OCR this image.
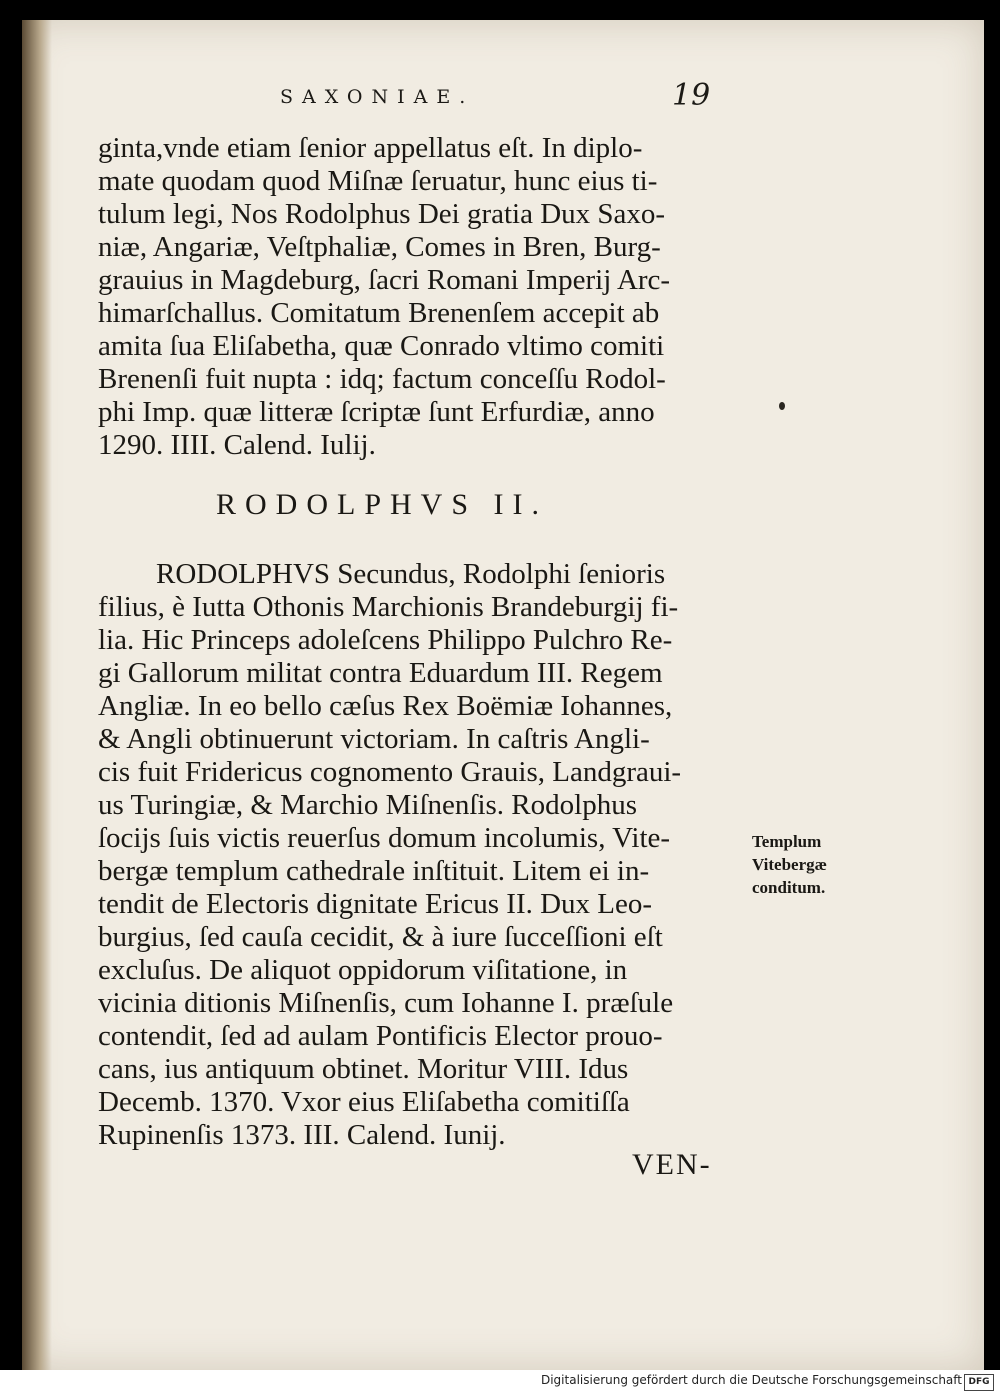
SAXONIAE.	19
ginta,vnde etiam ſenior appellatus eſt. In diplo-
mate quodam quod Miſnæ ſeruatur, hunc eius ti-
tulum legi, Nos Rodolphus Dei gratia Dux Saxo-
niæ, Angariæ, Veſtphaliæ, Comes in Bren, Burg-
grauius in Magdeburg, ſacri Romani Imperij Arc-
himarſchallus. Comitatum Brenenſem accepit ab
amita ſua Eliſabetha, quæ Conrado vltimo comiti
Brenenſi fuit nupta : idq; factum conceſſu Rodol-
phi Imp. quæ litteræ ſcriptæ ſunt Erfurdiæ, anno
1290. IIII. Calend. Iulij.
RODOLPHVS II.
RODOLPHVS Secundus, Rodolphi ſenioris
filius, è Iutta Othonis Marchionis Brandeburgij fi-
lia. Hic Princeps adoleſcens Philippo Pulchro Re-
gi Gallorum militat contra Eduardum III. Regem
Angliæ. In eo bello cæſus Rex Boëmiæ Iohannes,
& Angli obtinuerunt victoriam. In caſtris Angli-
cis fuit Fridericus cognomento Grauis, Landgraui-
us Turingiæ, & Marchio Miſnenſis. Rodolphus
ſocijs ſuis victis reuerſus domum incolumis, Vite-
bergæ templum cathedrale inſtituit. Litem ei in-
tendit de Electoris dignitate Ericus II. Dux Leo-
burgius, ſed cauſa cecidit, & à iure ſucceſſioni eſt
excluſus. De aliquot oppidorum viſitatione, in
vicinia ditionis Miſnenſis, cum Iohanne I. præſule
contendit, ſed ad aulam Pontificis Elector prouo-
cans, ius antiquum obtinet. Moritur VIII. Idus
Decemb. 1370. Vxor eius Eliſabetha comitiſſa
Rupinenſis 1373. III. Calend. Iunij.
Templum
Vitebergæ
conditum.
VEN-
Digitalisierung gefördert durch die Deutsche Forschungsgemeinschaft DFG
